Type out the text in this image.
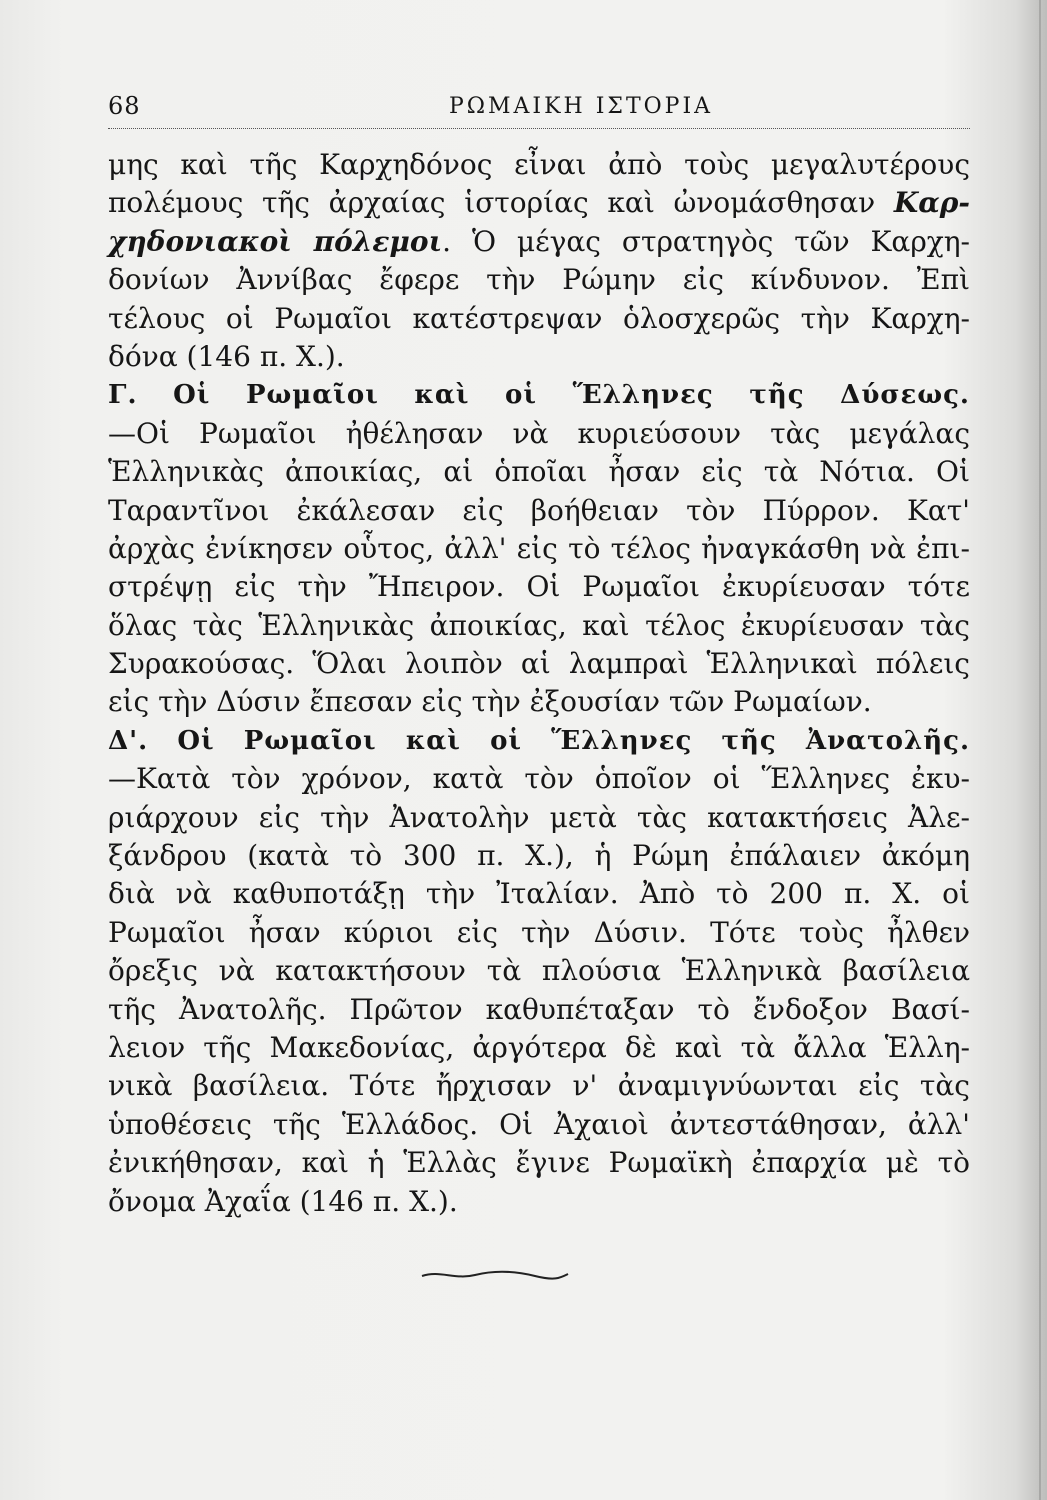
68	ΡΩΜΑΙΚΗ ΙΣΤΟΡΙΑ
μης καὶ τῆς Καρχηδόνος εἶναι ἀπὸ τοὺς μεγαλυτέρους
πολέμους τῆς ἀρχαίας ἱστορίας καὶ ὠνομάσθησαν Καρ-
χηδονιακοὶ πόλεμοι. Ὁ μέγας στρατηγὸς τῶν Καρχη-
δονίων Ἀννίβας ἔφερε τὴν Ρώμην εἰς κίνδυνον. Ἐπὶ
τέλους οἱ Ρωμαῖοι κατέστρεψαν ὁλοσχερῶς τὴν Καρχη-
δόνα (146 π. Χ.).
Γ. Οἱ Ρωμαῖοι καὶ οἱ Ἕλληνες τῆς Δύσεως.
—Οἱ Ρωμαῖοι ἠθέλησαν νὰ κυριεύσουν τὰς μεγάλας
Ἑλληνικὰς ἀποικίας, αἱ ὁποῖαι ἦσαν εἰς τὰ Νότια. Οἱ
Ταραντῖνοι ἐκάλεσαν εἰς βοήθειαν τὸν Πύρρον. Κατ'
ἀρχὰς ἐνίκησεν οὗτος, ἀλλ' εἰς τὸ τέλος ἠναγκάσθη νὰ ἐπι-
στρέψῃ εἰς τὴν Ἤπειρον. Οἱ Ρωμαῖοι ἐκυρίευσαν τότε
ὅλας τὰς Ἑλληνικὰς ἀποικίας, καὶ τέλος ἐκυρίευσαν τὰς
Συρακούσας. Ὅλαι λοιπὸν αἱ λαμπραὶ Ἑλληνικαὶ πόλεις
εἰς τὴν Δύσιν ἔπεσαν εἰς τὴν ἐξουσίαν τῶν Ρωμαίων.
Δ'. Οἱ Ρωμαῖοι καὶ οἱ Ἕλληνες τῆς Ἀνατολῆς.
—Κατὰ τὸν χρόνον, κατὰ τὸν ὁποῖον οἱ Ἕλληνες ἐκυ-
ριάρχουν εἰς τὴν Ἀνατολὴν μετὰ τὰς κατακτήσεις Ἀλε-
ξάνδρου (κατὰ τὸ 300 π. Χ.), ἡ Ρώμη ἐπάλαιεν ἀκόμη
διὰ νὰ καθυποτάξῃ τὴν Ἰταλίαν. Ἀπὸ τὸ 200 π. Χ. οἱ
Ρωμαῖοι ἦσαν κύριοι εἰς τὴν Δύσιν. Τότε τοὺς ἦλθεν
ὄρεξις νὰ κατακτήσουν τὰ πλούσια Ἑλληνικὰ βασίλεια
τῆς Ἀνατολῆς. Πρῶτον καθυπέταξαν τὸ ἔνδοξον Βασί-
λειον τῆς Μακεδονίας, ἀργότερα δὲ καὶ τὰ ἄλλα Ἑλλη-
νικὰ βασίλεια. Τότε ἤρχισαν ν' ἀναμιγνύωνται εἰς τὰς
ὑποθέσεις τῆς Ἑλλάδος. Οἱ Ἀχαιοὶ ἀντεστάθησαν, ἀλλ'
ἐνικήθησαν, καὶ ἡ Ἑλλὰς ἔγινε Ρωμαϊκὴ ἐπαρχία μὲ τὸ
ὄνομα Ἀχαΐα (146 π. Χ.).
